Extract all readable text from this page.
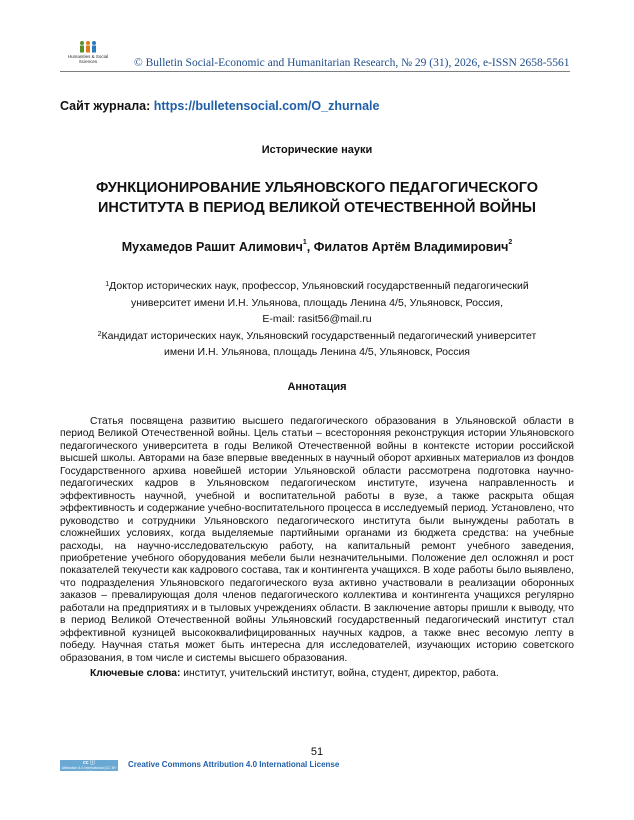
Humanities & Social
Sciences	© Bulletin Social-Economic and Humanitarian Research, № 29 (31), 2026, e-ISSN 2658-5561
Сайт журнала: https://bulletensocial.com/O_zhurnale
Исторические науки
ФУНКЦИОНИРОВАНИЕ УЛЬЯНОВСКОГО ПЕДАГОГИЧЕСКОГО
ИНСТИТУТА В ПЕРИОД ВЕЛИКОЙ ОТЕЧЕСТВЕННОЙ ВОЙНЫ
Мухамедов Рашит Алимович$^1$, Филатов Артём Владимирович$^2$
$^1$Доктор исторических наук, профессор, Ульяновский государственный педагогический
университет имени И.Н. Ульянова, площадь Ленина 4/5, Ульяновск, Россия,
E-mail: rasit56@mail.ru
$^2$Кандидат исторических наук, Ульяновский государственный педагогический университет
имени И.Н. Ульянова, площадь Ленина 4/5, Ульяновск, Россия
Аннотация
Статья посвящена развитию высшего педагогического образования в Ульяновской области в период Великой Отечественной войны. Цель статьи – всесторонняя реконструкция истории Ульяновского педагогического университета в годы Великой Отечественной войны в контексте истории российской высшей школы. Авторами на базе впервые введенных в научный оборот архивных материалов из фондов Государственного архива новейшей истории Ульяновской области рассмотрена подготовка научно-педагогических кадров в Ульяновском педагогическом институте, изучена направленность и эффективность научной, учебной и воспитательной работы в вузе, а также раскрыта общая эффективность и содержание учебно-воспитательного процесса в исследуемый период. Установлено, что руководство и сотрудники Ульяновского педагогического института были вынуждены работать в сложнейших условиях, когда выделяемые партийными органами из бюджета средства: на учебные расходы, на научно-исследовательскую работу, на капитальный ремонт учебного заведения, приобретение учебного оборудования мебели были незначительными. Положение дел осложнял и рост показателей текучести как кадрового состава, так и контингента учащихся. В ходе работы было выявлено, что подразделения Ульяновского педагогического вуза активно участвовали в реализации оборонных заказов – превалирующая доля членов педагогического коллектива и контингента учащихся регулярно работали на предприятиях и в тыловых учреждениях области. В заключение авторы пришли к выводу, что в период Великой Отечественной войны Ульяновский государственный педагогический институт стал эффективной кузницей высококвалифицированных научных кадров, а также внес весомую лепту в победу. Научная статья может быть интересна для исследователей, изучающих историю советского образования, в том числе и системы высшего образования.
Ключевые слова: институт, учительский институт, война, студент, директор, работа.
51
cc ⓘ
Attribution 4.0 International (CC BY 4.0)
Creative Commons Attribution 4.0 International License
